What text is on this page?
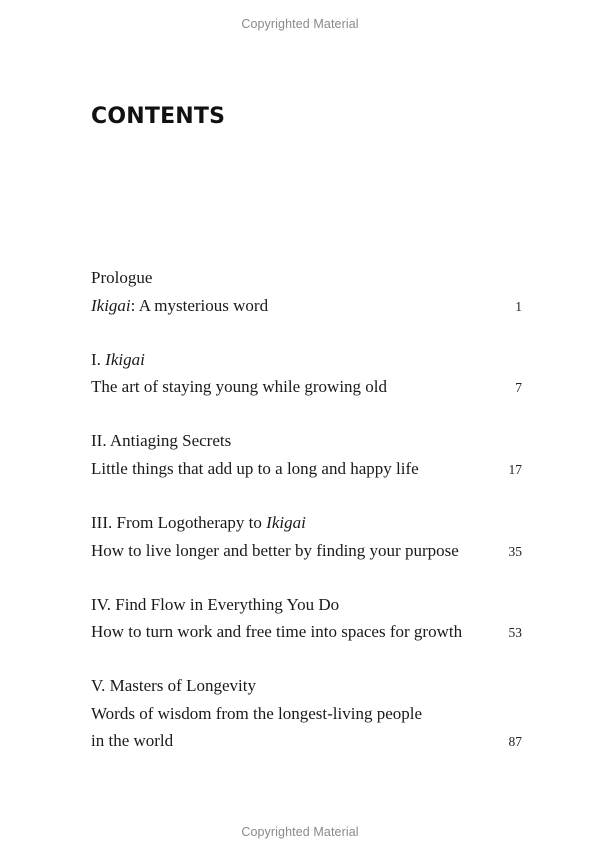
Copyrighted Material
CONTENTS
Prologue
Ikigai: A mysterious word	1
I. Ikigai
The art of staying young while growing old	7
II. Antiaging Secrets
Little things that add up to a long and happy life	17
III. From Logotherapy to Ikigai
How to live longer and better by finding your purpose	35
IV. Find Flow in Everything You Do
How to turn work and free time into spaces for growth	53
V. Masters of Longevity
Words of wisdom from the longest-living people
in the world	87
Copyrighted Material
